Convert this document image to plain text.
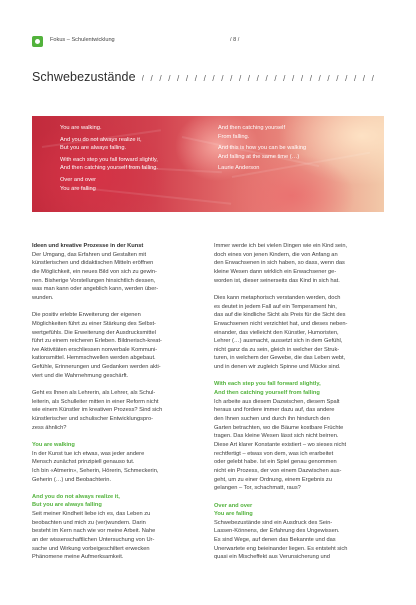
Fokus – Schulentwicklung	/ 8 /
Schwebezustände / / / / / / / / / / / / / / / / / / / / / / / / / / /

You are walking.

And you do not always realize it,

But you are always falling.

With each step you fall forward slightly,

And then catching yourself from falling.

Over and over

You are falling

And then catching yourself

From falling.

And this is how you can be walking

And falling at the same time (…)

Laurie Anderson

Ideen und kreative Prozesse in der Kunst
Der Umgang, das Erfahren und Gestalten mit
künstlerischen und didaktischen Mitteln eröffnen
die Möglichkeit, ein neues Bild von sich zu gewin-
nen. Bisherige Vorstellungen hinsichtlich dessen,
was man kann oder angeblich kann, werden über-
wunden.
Die positiv erlebte Erweiterung der eigenen
Möglichkeiten führt zu einer Stärkung des Selbst-
wertgefühls. Die Erweiterung der Ausdrucksmittel
führt zu einem reicheren Erleben. Bildnerisch-kreat-
ive Aktivitäten erschliessen nonverbale Kommuni-
kationsmittel. Hemmschwellen werden abgebaut.
Gefühle, Erinnerungen und Gedanken werden akti-
viert und die Wahrnehmung geschärft.
Geht es Ihnen als Lehrerin, als Lehrer, als Schul-
leiterin, als Schulleiter mitten in einer Reform nicht
wie einem Künstler im kreativen Prozess? Sind sich
künstlerischer und schulischer Entwicklungspro-
zess ähnlich?
You are walking
In der Kunst tue ich etwas, was jeder andere
Mensch zunächst prinzipiell genauso tut.
Ich bin «Atmerin», Seherin, Hörerin, Schmeckerin,
Geherin (…) und Beobachterin.
And you do not always realize it,
But you are always falling
Seit meiner Kindheit liebe ich es, das Leben zu
beobachten und mich zu (ver)wundern. Darin
besteht im Kern nach wie vor meine Arbeit. Nahe
an der wissenschaftlichen Untersuchung von Ur-
sache und Wirkung vorbeigeschiltert erwecken
Phänomene meine Aufmerksamkeit.
Immer werde ich bei vielen Dingen wie ein Kind sein,
doch eines von jenen Kindern, die von Anfang an
den Erwachsenen in sich haben, so dass, wenn das
kleine Wesen dann wirklich ein Erwachsener ge-
worden ist, dieser seinerseits das Kind in sich hat.
Dies kann metaphorisch verstanden werden, doch
es deutet in jedem Fall auf ein Temperament hin,
das auf die kindliche Sicht als Preis für die Sicht des
Erwachsenen nicht verzichtet hat, und dieses neben-
einander, das vielleicht den Künstler, Humoristen,
Lehrer (…) ausmacht, aussetzt sich in dem Gefühl,
nicht ganz da zu sein, gleich in welcher der Struk-
turen, in welchem der Gewebe, die das Leben webt,
und in denen wir zugleich Spinne und Mücke sind.
With each step you fall forward slightly,
And then catching yourself from falling
Ich arbeite aus diesem Dazwischen, diesem Spalt
heraus und fordere immer dazu auf, das andere
den Ihnen suchen und durch ihn hindurch den
Garten betrachten, wo die Bäume kostbare Früchte
tragen. Das kleine Wesen lässt sich nicht beirren.
Diese Art klarer Konstante existiert – wo sieses nicht
rechtfertigt – etwas von dem, was ich erarbeitet
oder gelebt habe. Ist ein Spiel genau genommen
nicht ein Prozess, der von einem Dazwischen aus-
geht, um zu einer Ordnung, einem Ergebnis zu
gelangen – Tor, schachmatt, raus?
Over and over
You are falling
Schwebezustände sind ein Ausdruck des Sein-
Lassen-Könnens, der Erfahrung des Ungewissen.
Es sind Wege, auf denen das Bekannte und das
Unerwartete eng beieinander liegen. Es entsteht sich
quasi ein Mischeffekt aus Verunsicherung und
